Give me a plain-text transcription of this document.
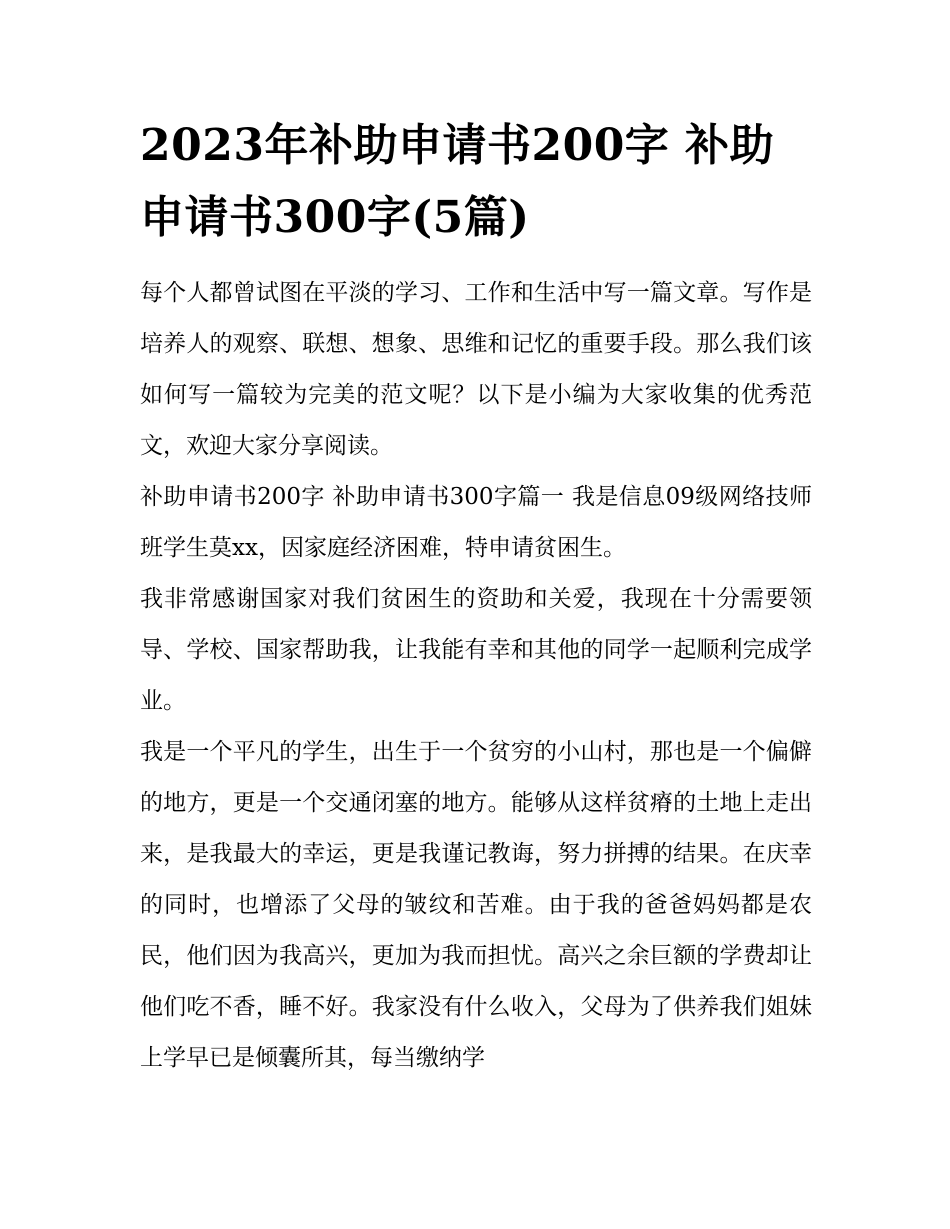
2023年补助申请书200字 补助申请书300字(5篇)

每个人都曾试图在平淡的学习、工作和生活中写一篇文章。写作是培养人的观察、联想、想象、思维和记忆的重要手段。那么我们该如何写一篇较为完美的范文呢？以下是小编为大家收集的优秀范文，欢迎大家分享阅读。

补助申请书200字 补助申请书300字篇一 我是信息09级网络技师班学生莫xx，因家庭经济困难，特申请贫困生。

我非常感谢国家对我们贫困生的资助和关爱，我现在十分需要领导、学校、国家帮助我，让我能有幸和其他的同学一起顺利完成学业。

我是一个平凡的学生，出生于一个贫穷的小山村，那也是一个偏僻的地方，更是一个交通闭塞的地方。能够从这样贫瘠的土地上走出来，是我最大的幸运，更是我谨记教诲，努力拼搏的结果。在庆幸的同时，也增添了父母的皱纹和苦难。由于我的爸爸妈妈都是农民，他们因为我高兴，更加为我而担忧。高兴之余巨额的学费却让他们吃不香，睡不好。我家没有什么收入，父母为了供养我们姐妹上学早已是倾囊所其，每当缴纳学
